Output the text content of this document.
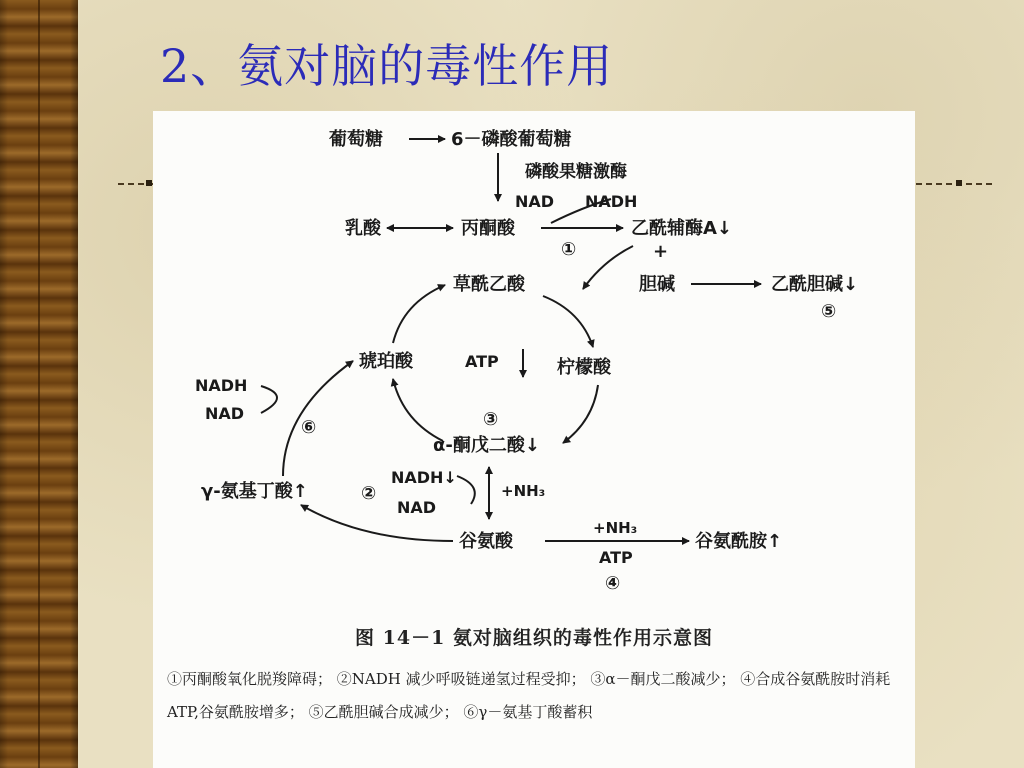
2、氨对脑的毒性作用
葡萄糖	6－磷酸葡萄糖
磷酸果糖激酶
NAD NADH
乳酸	丙酮酸
①
乙酰辅酶A↓
+
胆碱	乙酰胆碱↓
⑤
草酰乙酸
琥珀酸	ATP	柠檬酸
③
α-酮戊二酸↓
NADH
NAD
⑥
γ-氨基丁酸↑	②
NADH↓
NAD
+NH₃
谷氨酸
+NH₃
ATP
④
谷氨酰胺↑
图 14－1 氨对脑组织的毒性作用示意图
①丙酮酸氧化脱羧障碍； ②NADH 减少呼吸链递氢过程受抑； ③α－酮戊二酸减少； ④合成谷氨酰胺时消耗 ATP,谷氨酰胺增多； ⑤乙酰胆碱合成减少； ⑥γ－氨基丁酸蓄积
